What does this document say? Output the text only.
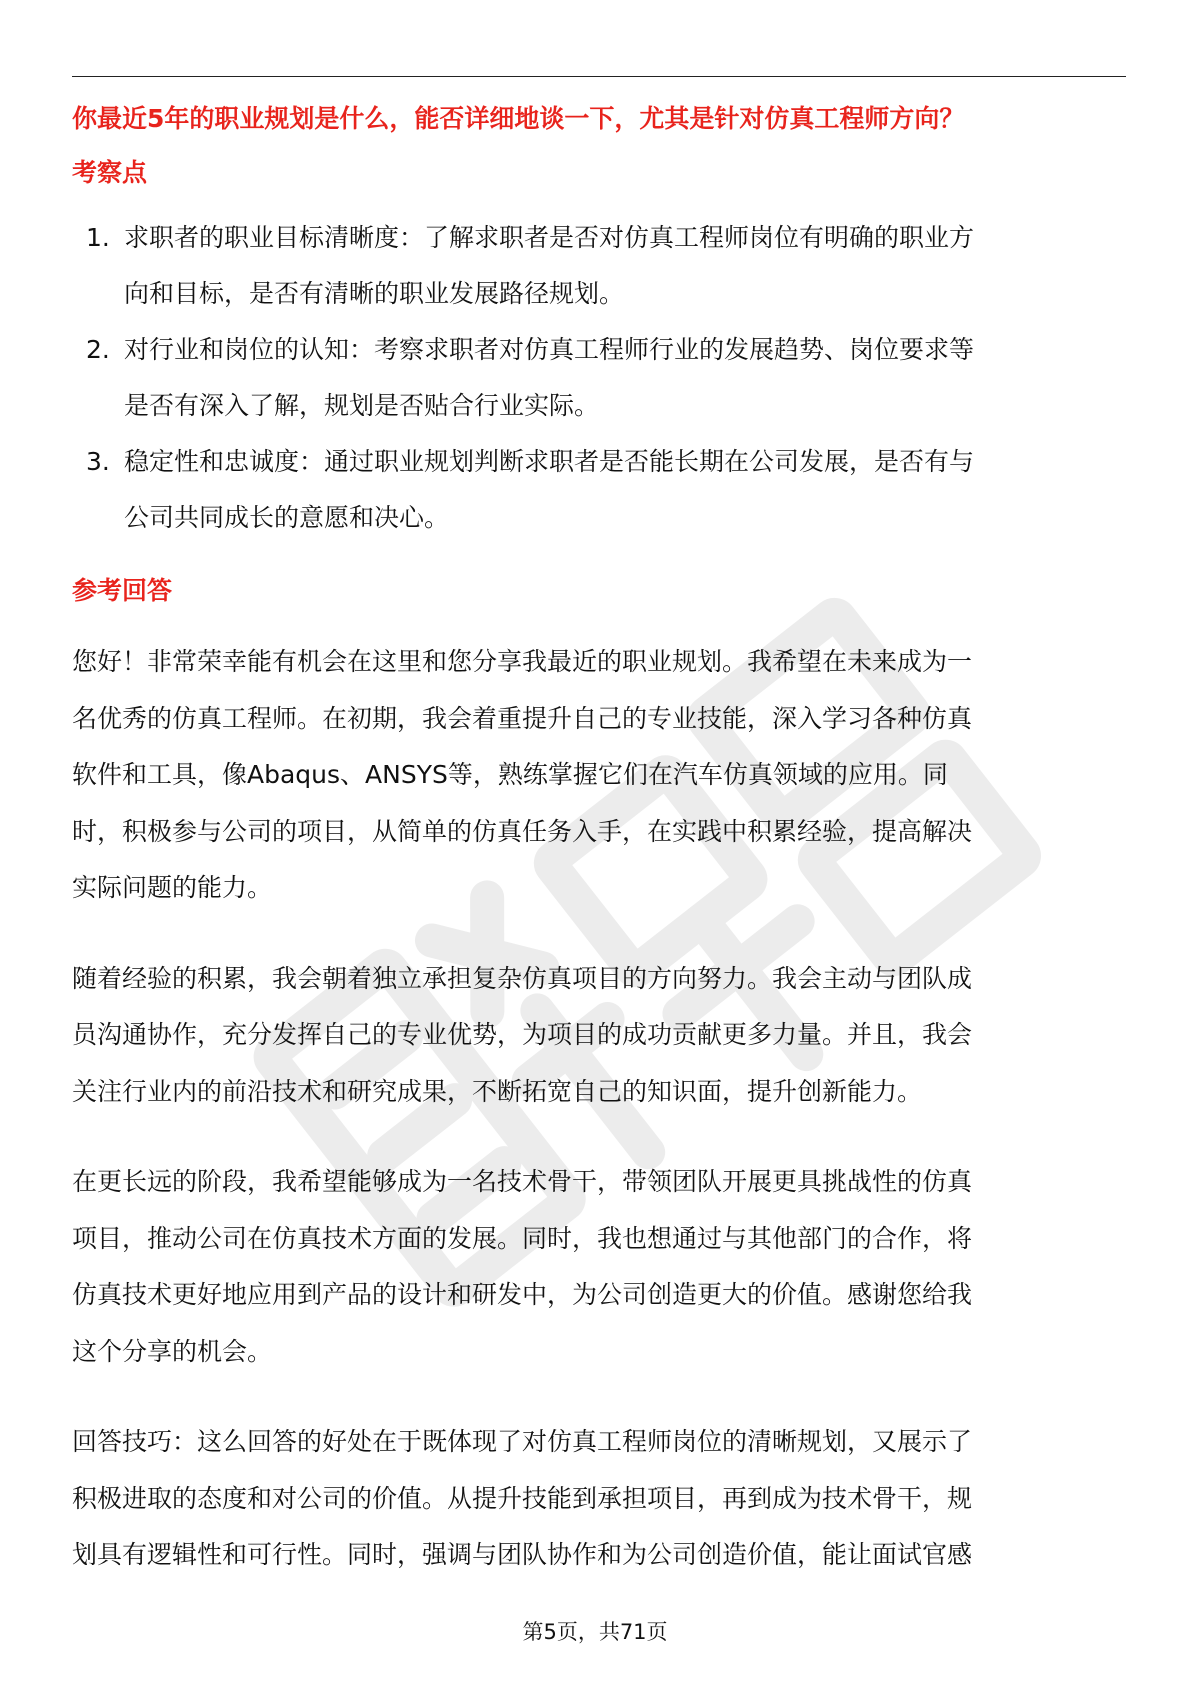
你最近5年的职业规划是什么，能否详细地谈一下，尤其是针对仿真工程师方向？
考察点
1. 求职者的职业目标清晰度：了解求职者是否对仿真工程师岗位有明确的职业方
向和目标，是否有清晰的职业发展路径规划。
2. 对行业和岗位的认知：考察求职者对仿真工程师行业的发展趋势、岗位要求等
是否有深入了解，规划是否贴合行业实际。
3. 稳定性和忠诚度：通过职业规划判断求职者是否能长期在公司发展，是否有与
公司共同成长的意愿和决心。
参考回答
您好！非常荣幸能有机会在这里和您分享我最近的职业规划。我希望在未来成为一
名优秀的仿真工程师。在初期，我会着重提升自己的专业技能，深入学习各种仿真
软件和工具，像Abaqus、ANSYS等，熟练掌握它们在汽车仿真领域的应用。同
时，积极参与公司的项目，从简单的仿真任务入手，在实践中积累经验，提高解决
实际问题的能力。
随着经验的积累，我会朝着独立承担复杂仿真项目的方向努力。我会主动与团队成
员沟通协作，充分发挥自己的专业优势，为项目的成功贡献更多力量。并且，我会
关注行业内的前沿技术和研究成果，不断拓宽自己的知识面，提升创新能力。
在更长远的阶段，我希望能够成为一名技术骨干，带领团队开展更具挑战性的仿真
项目，推动公司在仿真技术方面的发展。同时，我也想通过与其他部门的合作，将
仿真技术更好地应用到产品的设计和研发中，为公司创造更大的价值。感谢您给我
这个分享的机会。
回答技巧：这么回答的好处在于既体现了对仿真工程师岗位的清晰规划，又展示了
积极进取的态度和对公司的价值。从提升技能到承担项目，再到成为技术骨干，规
划具有逻辑性和可行性。同时，强调与团队协作和为公司创造价值，能让面试官感
第5页，共71页
